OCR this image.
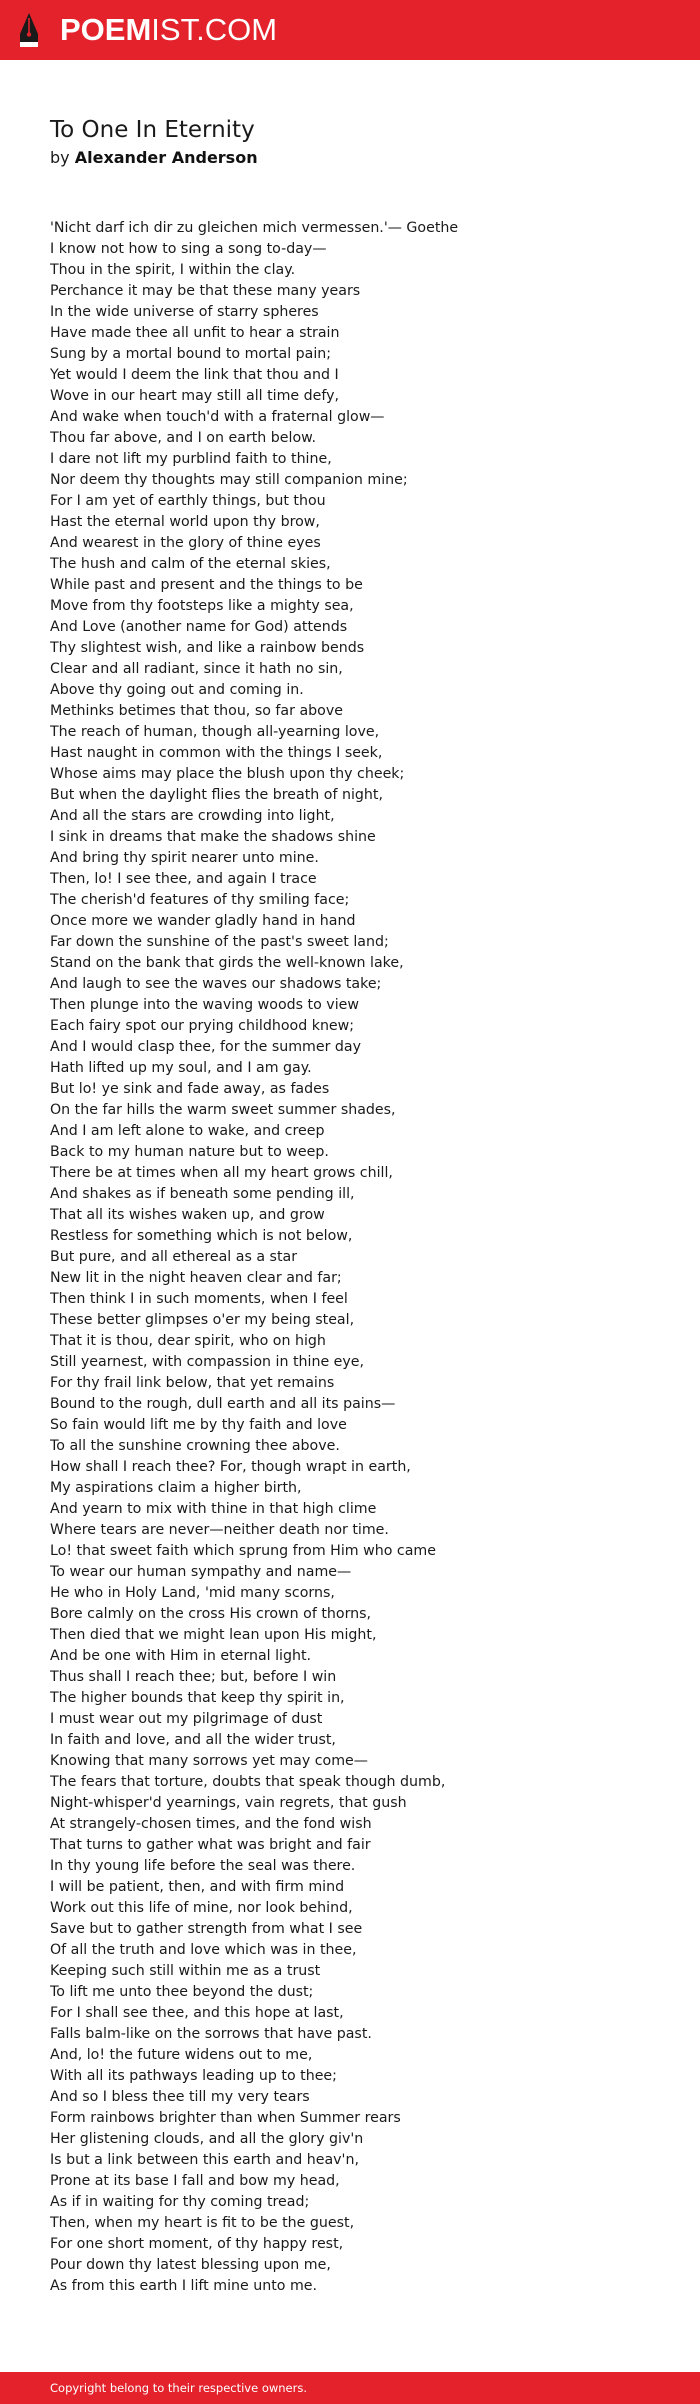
POEMIST.COM
To One In Eternity
by Alexander Anderson
'Nicht darf ich dir zu gleichen mich vermessen.'— Goethe
I know not how to sing a song to-day—
Thou in the spirit, I within the clay.
Perchance it may be that these many years
In the wide universe of starry spheres
Have made thee all unfit to hear a strain
Sung by a mortal bound to mortal pain;
Yet would I deem the link that thou and I
Wove in our heart may still all time defy,
And wake when touch'd with a fraternal glow—
Thou far above, and I on earth below.
I dare not lift my purblind faith to thine,
Nor deem thy thoughts may still companion mine;
For I am yet of earthly things, but thou
Hast the eternal world upon thy brow,
And wearest in the glory of thine eyes
The hush and calm of the eternal skies,
While past and present and the things to be
Move from thy footsteps like a mighty sea,
And Love (another name for God) attends
Thy slightest wish, and like a rainbow bends
Clear and all radiant, since it hath no sin,
Above thy going out and coming in.
Methinks betimes that thou, so far above
The reach of human, though all-yearning love,
Hast naught in common with the things I seek,
Whose aims may place the blush upon thy cheek;
But when the daylight flies the breath of night,
And all the stars are crowding into light,
I sink in dreams that make the shadows shine
And bring thy spirit nearer unto mine.
Then, lo! I see thee, and again I trace
The cherish'd features of thy smiling face;
Once more we wander gladly hand in hand
Far down the sunshine of the past's sweet land;
Stand on the bank that girds the well-known lake,
And laugh to see the waves our shadows take;
Then plunge into the waving woods to view
Each fairy spot our prying childhood knew;
And I would clasp thee, for the summer day
Hath lifted up my soul, and I am gay.
But lo! ye sink and fade away, as fades
On the far hills the warm sweet summer shades,
And I am left alone to wake, and creep
Back to my human nature but to weep.
There be at times when all my heart grows chill,
And shakes as if beneath some pending ill,
That all its wishes waken up, and grow
Restless for something which is not below,
But pure, and all ethereal as a star
New lit in the night heaven clear and far;
Then think I in such moments, when I feel
These better glimpses o'er my being steal,
That it is thou, dear spirit, who on high
Still yearnest, with compassion in thine eye,
For thy frail link below, that yet remains
Bound to the rough, dull earth and all its pains—
So fain would lift me by thy faith and love
To all the sunshine crowning thee above.
How shall I reach thee? For, though wrapt in earth,
My aspirations claim a higher birth,
And yearn to mix with thine in that high clime
Where tears are never—neither death nor time.
Lo! that sweet faith which sprung from Him who came
To wear our human sympathy and name—
He who in Holy Land, 'mid many scorns,
Bore calmly on the cross His crown of thorns,
Then died that we might lean upon His might,
And be one with Him in eternal light.
Thus shall I reach thee; but, before I win
The higher bounds that keep thy spirit in,
I must wear out my pilgrimage of dust
In faith and love, and all the wider trust,
Knowing that many sorrows yet may come—
The fears that torture, doubts that speak though dumb,
Night-whisper'd yearnings, vain regrets, that gush
At strangely-chosen times, and the fond wish
That turns to gather what was bright and fair
In thy young life before the seal was there.
I will be patient, then, and with firm mind
Work out this life of mine, nor look behind,
Save but to gather strength from what I see
Of all the truth and love which was in thee,
Keeping such still within me as a trust
To lift me unto thee beyond the dust;
For I shall see thee, and this hope at last,
Falls balm-like on the sorrows that have past.
And, lo! the future widens out to me,
With all its pathways leading up to thee;
And so I bless thee till my very tears
Form rainbows brighter than when Summer rears
Her glistening clouds, and all the glory giv'n
Is but a link between this earth and heav'n,
Prone at its base I fall and bow my head,
As if in waiting for thy coming tread;
Then, when my heart is fit to be the guest,
For one short moment, of thy happy rest,
Pour down thy latest blessing upon me,
As from this earth I lift mine unto me.
Copyright belong to their respective owners.
